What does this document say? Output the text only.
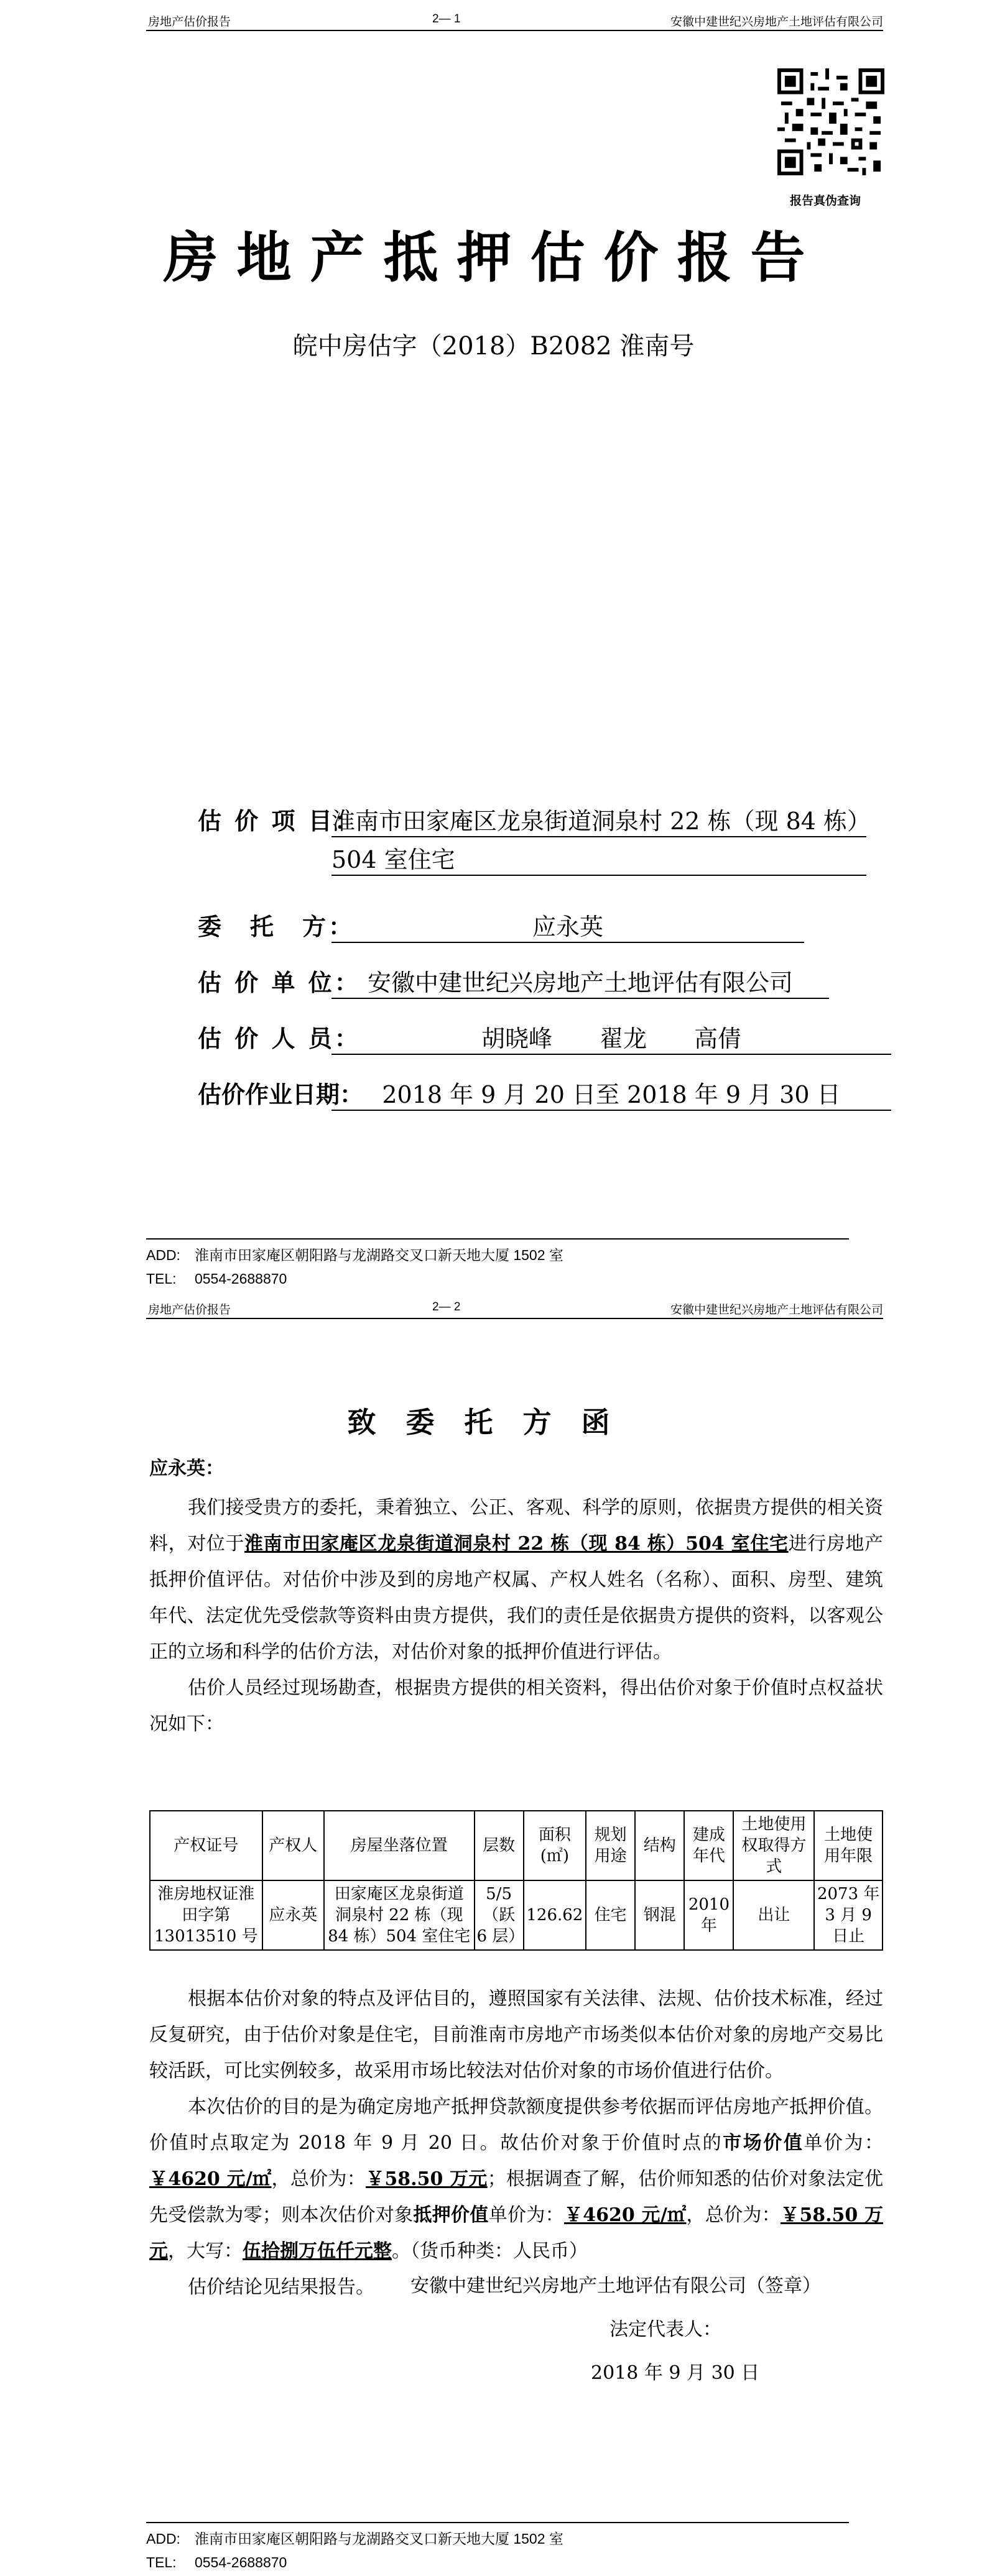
房地产估价报告	2— 1	安徽中建世纪兴房地产土地评估有限公司
报告真伪查询
房地产抵押估价报告
皖中房估字（2018）B2082 淮南号
估 价 项 目：
淮南市田家庵区龙泉街道洞泉村 22 栋（现 84 栋）
504 室住宅
委　托　方：	应永英
估 价 单 位： 安徽中建世纪兴房地产土地评估有限公司
估 价 人 员：	胡晓峰　　翟龙　　高倩
估价作业日期： 2018 年 9 月 20 日至 2018 年 9 月 30 日
ADD:　淮南市田家庵区朝阳路与龙湖路交叉口新天地大厦 1502 室
TEL:　 0554-2688870
房地产估价报告	2— 2	安徽中建世纪兴房地产土地评估有限公司
致委托方函
应永英：

我们接受贵方的委托，秉着独立、公正、客观、科学的原则，依据贵方提供的相关资料，对位于淮南市田家庵区龙泉街道洞泉村 22 栋（现 84 栋）504 室住宅进行房地产抵押价值评估。对估价中涉及到的房地产权属、产权人姓名（名称）、面积、房型、建筑年代、法定优先受偿款等资料由贵方提供，我们的责任是依据贵方提供的资料，以客观公正的立场和科学的估价方法，对估价对象的抵押价值进行评估。

估价人员经过现场勘查，根据贵方提供的相关资料，得出估价对象于价值时点权益状况如下：

产权证号	产权人	房屋坐落位置	层数	面积(㎡)	规划用途	结构	建成年代	土地使用权取得方式	土地使用年限
淮房地权证淮田字第 13013510 号	应永英	田家庵区龙泉街道洞泉村 22 栋（现 84 栋）504 室住宅	5/5（跃 6 层）	126.62	住宅	钢混	2010 年	出让	2073 年 3 月 9 日止

根据本估价对象的特点及评估目的，遵照国家有关法律、法规、估价技术标准，经过反复研究，由于估价对象是住宅，目前淮南市房地产市场类似本估价对象的房地产交易比较活跃，可比实例较多，故采用市场比较法对估价对象的市场价值进行估价。

本次估价的目的是为确定房地产抵押贷款额度提供参考依据而评估房地产抵押价值。价值时点取定为 2018 年 9 月 20 日。故估价对象于价值时点的市场价值单价为：￥4620 元/㎡，总价为：￥58.50 万元；根据调查了解，估价师知悉的估价对象法定优先受偿款为零；则本次估价对象抵押价值单价为：￥4620 元/㎡，总价为：￥58.50 万元，大写：伍拾捌万伍仟元整。（货币种类：人民币）

估价结论见结果报告。	安徽中建世纪兴房地产土地评估有限公司（签章）
法定代表人：
2018 年 9 月 30 日
ADD:　淮南市田家庵区朝阳路与龙湖路交叉口新天地大厦 1502 室
TEL:　 0554-2688870
